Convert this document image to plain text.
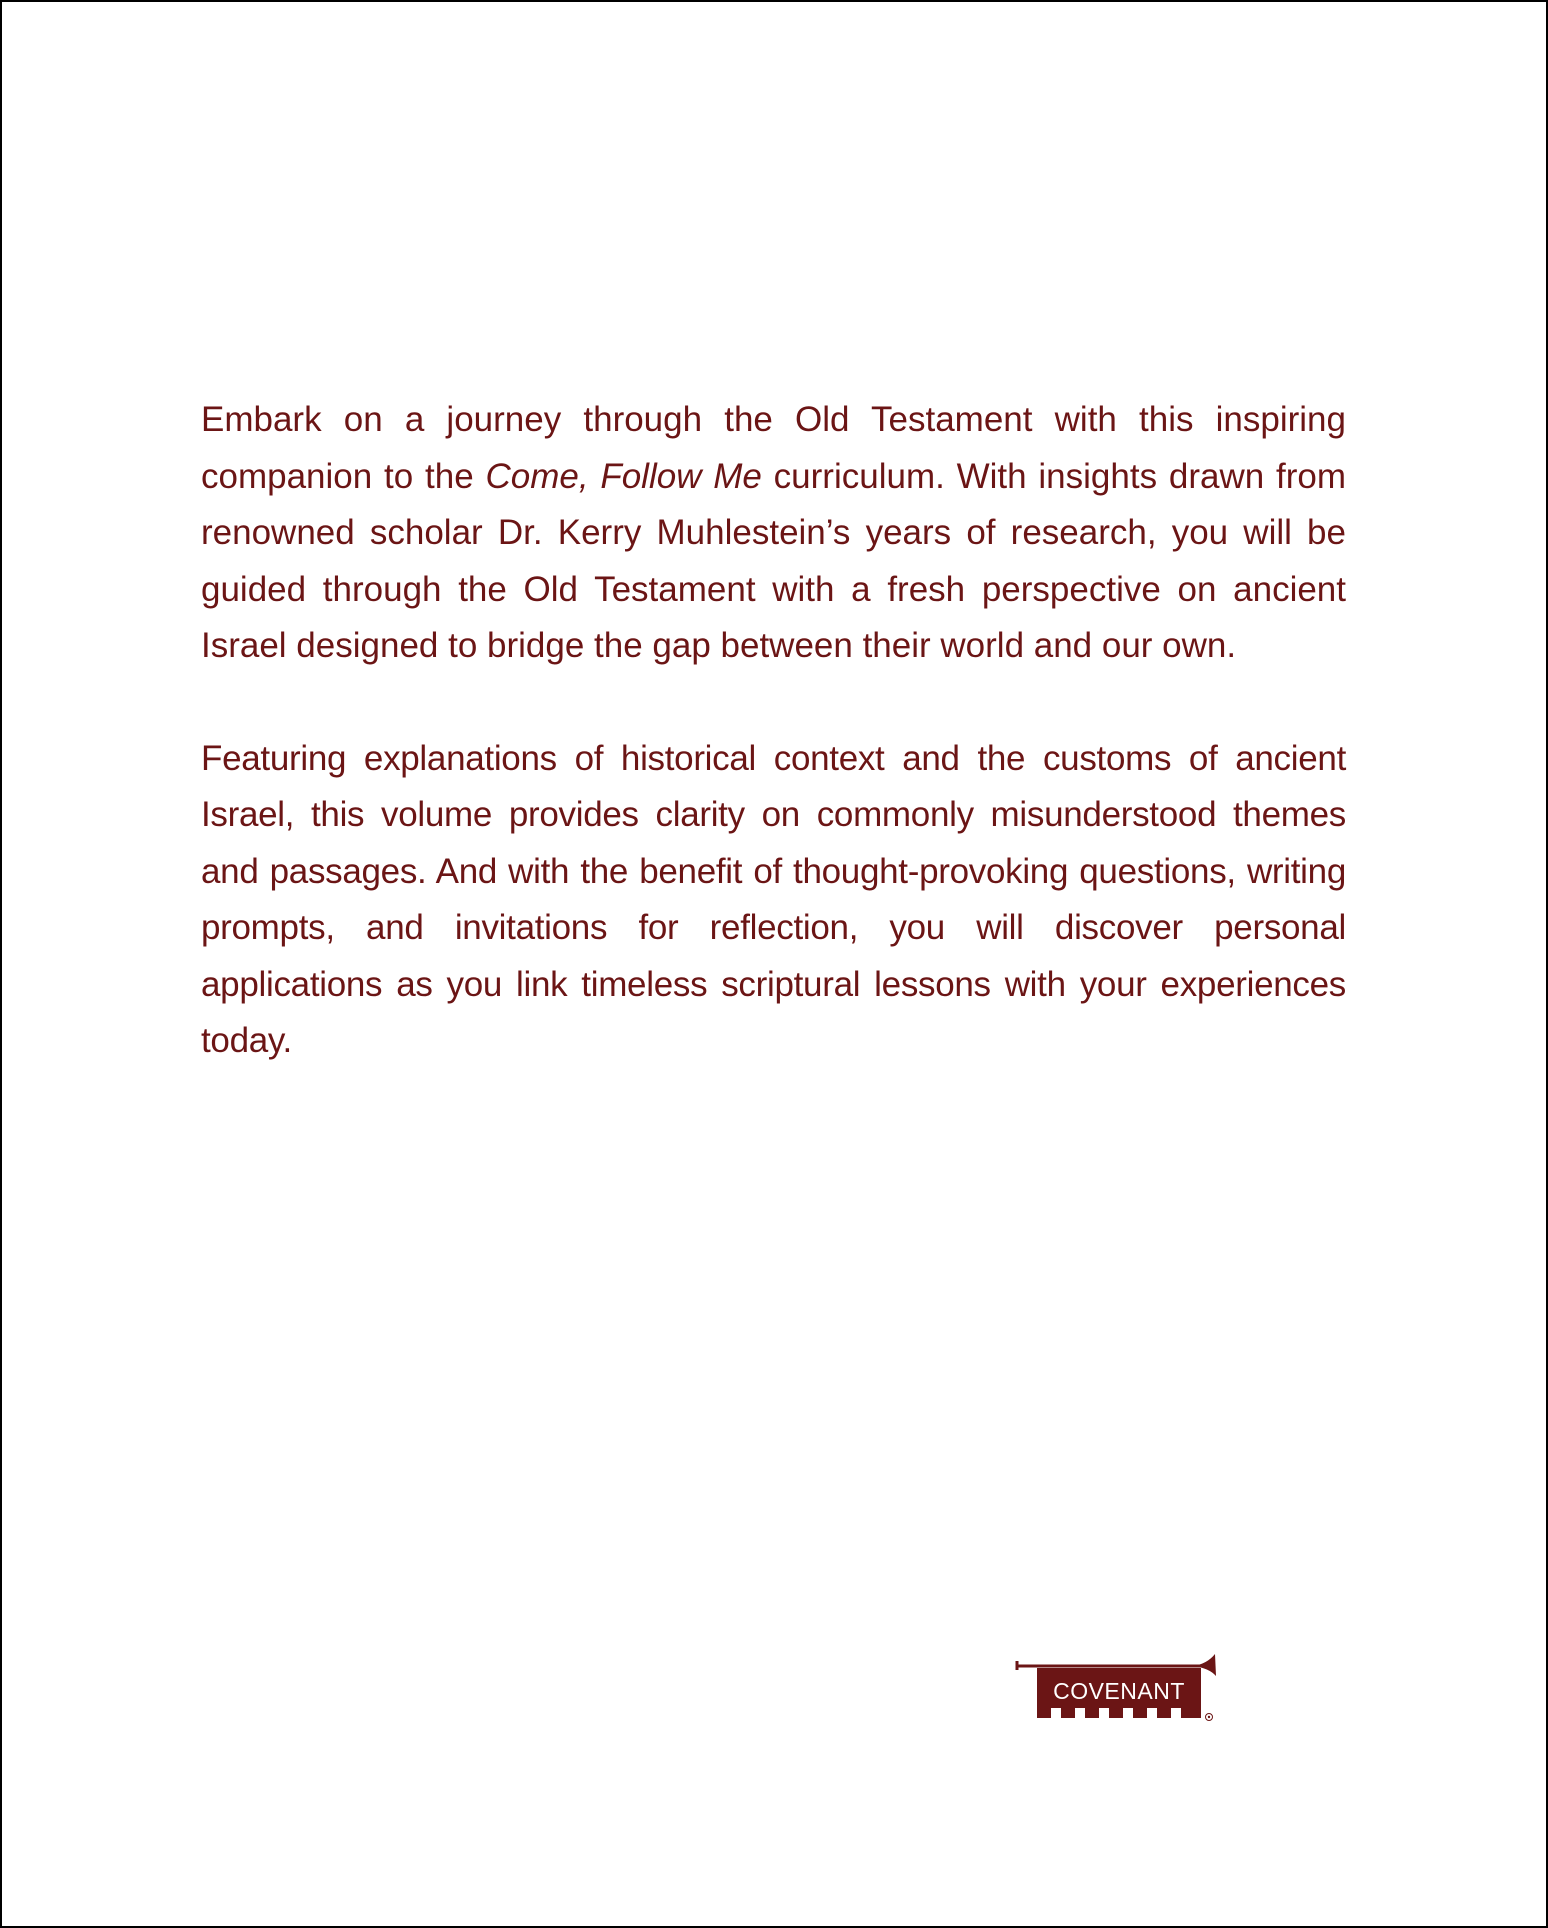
Embark on a journey through the Old Testament with this inspiring companion to the Come, Follow Me curriculum. With insights drawn from renowned scholar Dr. Kerry Muhlestein’s years of research, you will be guided through the Old Testament with a fresh perspective on ancient Israel designed to bridge the gap between their world and our own.

Featuring explanations of historical context and the customs of ancient Israel, this volume provides clarity on commonly misunderstood themes and passages. And with the benefit of thought-provoking questions, writing prompts, and invitations for reflection, you will discover personal applications as you link timeless scriptural lessons with your experiences today.

COVENANT
